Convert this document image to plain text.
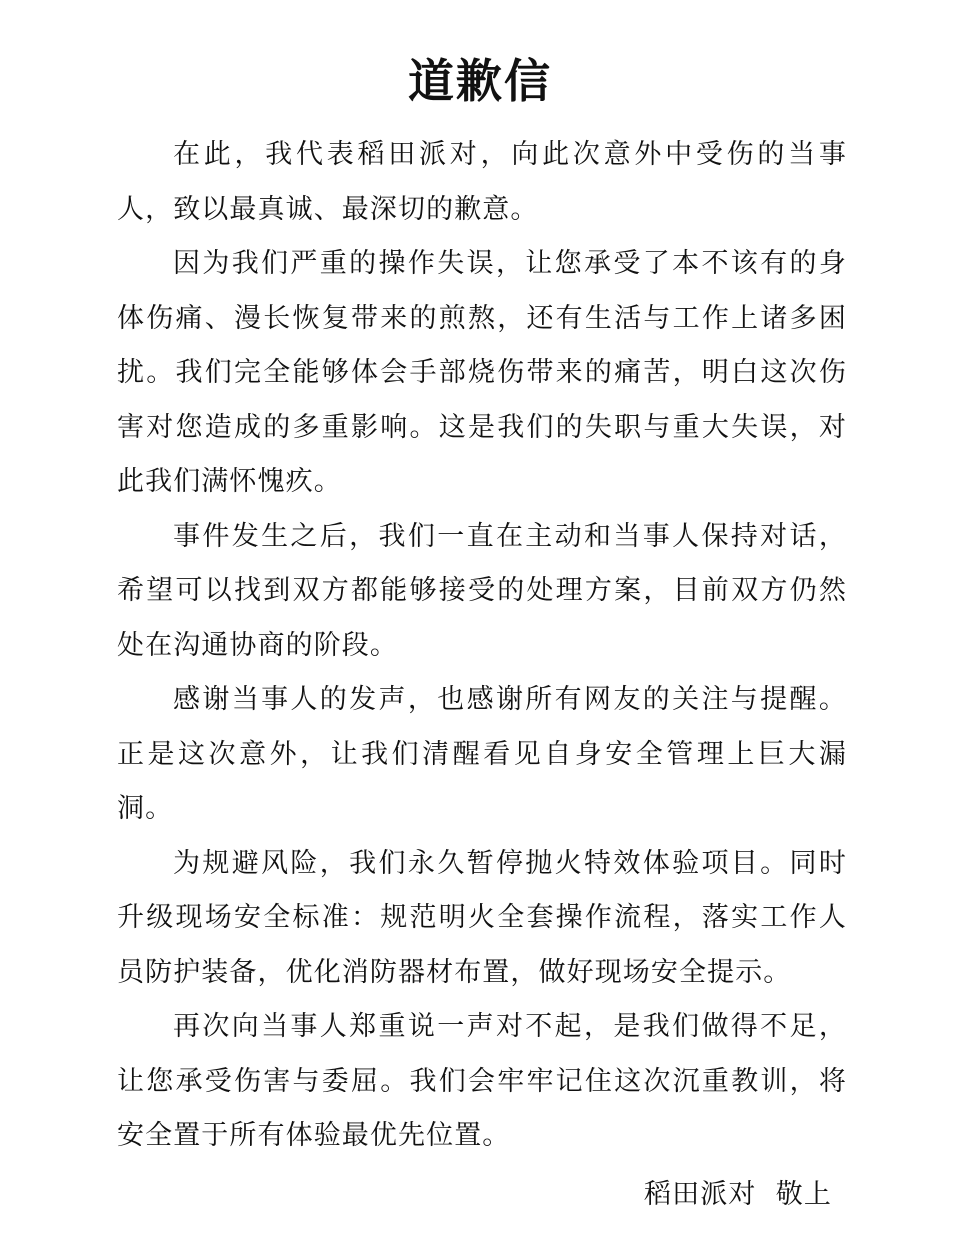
道歉信

在此，我代表稻田派对，向此次意外中受伤的当事人，致以最真诚、最深切的歉意。

因为我们严重的操作失误，让您承受了本不该有的身体伤痛、漫长恢复带来的煎熬，还有生活与工作上诸多困扰。我们完全能够体会手部烧伤带来的痛苦，明白这次伤害对您造成的多重影响。这是我们的失职与重大失误，对此我们满怀愧疚。

事件发生之后，我们一直在主动和当事人保持对话，希望可以找到双方都能够接受的处理方案，目前双方仍然处在沟通协商的阶段。

感谢当事人的发声，也感谢所有网友的关注与提醒。正是这次意外，让我们清醒看见自身安全管理上巨大漏洞。

为规避风险，我们永久暂停抛火特效体验项目。同时升级现场安全标准：规范明火全套操作流程，落实工作人员防护装备，优化消防器材布置，做好现场安全提示。

再次向当事人郑重说一声对不起，是我们做得不足，让您承受伤害与委屈。我们会牢牢记住这次沉重教训，将安全置于所有体验最优先位置。

稻田派对  敬上
